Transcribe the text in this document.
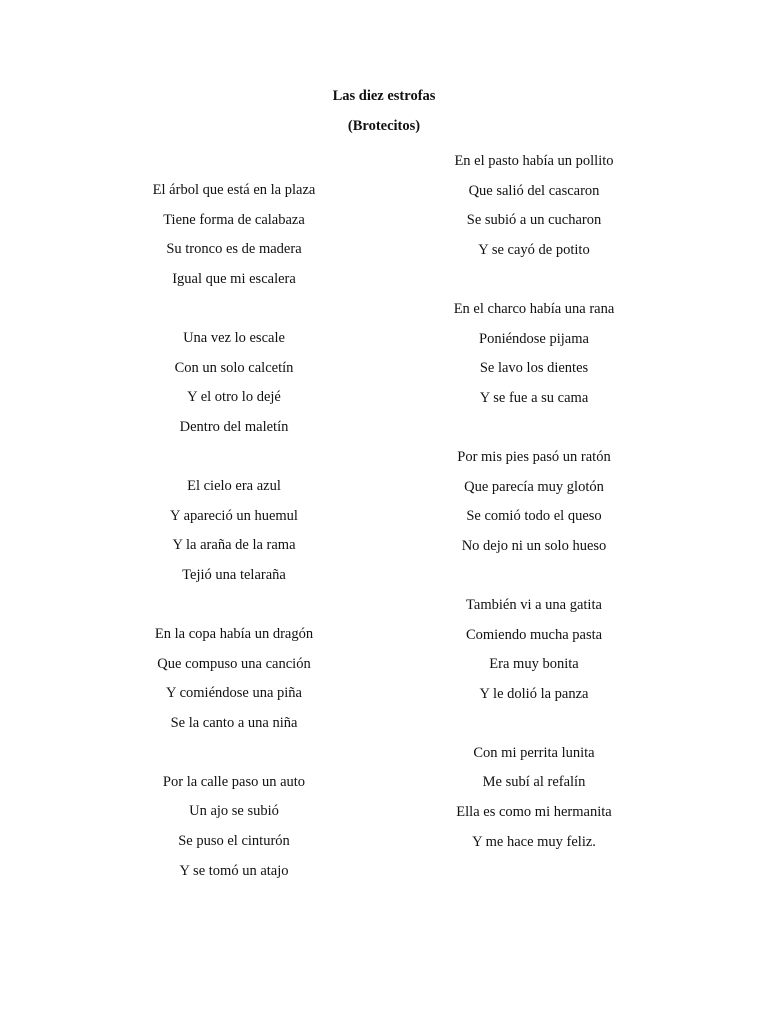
Las diez estrofas
(Brotecitos)
El árbol que está en la plaza
Tiene forma de calabaza
Su tronco es de madera
Igual que mi escalera
Una vez lo escale
Con un solo calcetín
Y el otro lo dejé
Dentro del maletín
El cielo era azul
Y apareció un huemul
Y la araña de la rama
Tejió una telaraña
En la copa había un dragón
Que compuso una canción
Y comiéndose una piña
Se la canto a una niña
Por la calle paso un auto
Un ajo se subió
Se puso el cinturón
Y se tomó un atajo
En el pasto había un pollito
Que salió del cascaron
Se subió a un cucharon
Y se cayó de potito
En el charco había una rana
Poniéndose pijama
Se lavo los dientes
Y se fue a su cama
Por mis pies pasó un ratón
Que parecía muy glotón
Se comió todo el queso
No dejo ni un solo hueso
También vi a una gatita
Comiendo mucha pasta
Era muy bonita
Y le dolió la panza
Con mi perrita lunita
Me subí al refalín
Ella es como mi hermanita
Y me hace muy feliz.
